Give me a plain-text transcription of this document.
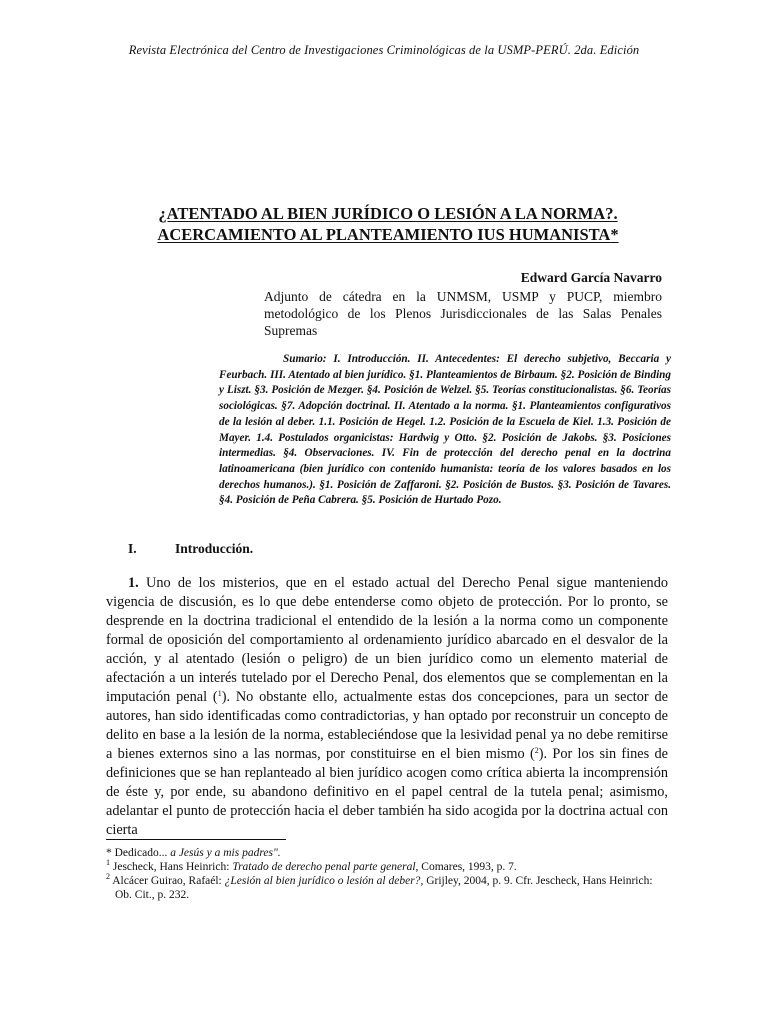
Revista Electrónica del Centro de Investigaciones Criminológicas de la USMP-PERÚ. 2da. Edición
¿ATENTADO AL BIEN JURÍDICO O LESIÓN A LA NORMA?.
ACERCAMIENTO AL PLANTEAMIENTO IUS HUMANISTA*
Edward García Navarro
Adjunto de cátedra en la UNMSM, USMP y PUCP, miembro metodológico de los Plenos Jurisdiccionales de las Salas Penales Supremas
Sumario: I. Introducción. II. Antecedentes: El derecho subjetivo, Beccaria y Feurbach. III. Atentado al bien jurídico. §1. Planteamientos de Birbaum. §2. Posición de Binding y Liszt. §3. Posición de Mezger. §4. Posición de Welzel. §5. Teorías constitucionalistas. §6. Teorías sociológicas. §7. Adopción doctrinal. II. Atentado a la norma. §1. Planteamientos configurativos de la lesión al deber. 1.1. Posición de Hegel. 1.2. Posición de la Escuela de Kiel. 1.3. Posición de Mayer. 1.4. Postulados organicistas: Hardwig y Otto. §2. Posición de Jakobs. §3. Posiciones intermedias. §4. Observaciones. IV. Fin de protección del derecho penal en la doctrina latinoamericana (bien jurídico con contenido humanista: teoría de los valores basados en los derechos humanos.). §1. Posición de Zaffaroni. §2. Posición de Bustos. §3. Posición de Tavares. §4. Posición de Peña Cabrera. §5. Posición de Hurtado Pozo.
I.	Introducción.
1. Uno de los misterios, que en el estado actual del Derecho Penal sigue manteniendo vigencia de discusión, es lo que debe entenderse como objeto de protección. Por lo pronto, se desprende en la doctrina tradicional el entendido de la lesión a la norma como un componente formal de oposición del comportamiento al ordenamiento jurídico abarcado en el desvalor de la acción, y al atentado (lesión o peligro) de un bien jurídico como un elemento material de afectación a un interés tutelado por el Derecho Penal, dos elementos que se complementan en la imputación penal ($^1$). No obstante ello, actualmente estas dos concepciones, para un sector de autores, han sido identificadas como contradictorias, y han optado por reconstruir un concepto de delito en base a la lesión de la norma, estableciéndose que la lesividad penal ya no debe remitirse a bienes externos sino a las normas, por constituirse en el bien mismo ($^2$). Por los sin fines de definiciones que se han replanteado al bien jurídico acogen como crítica abierta la incomprensión de éste y, por ende, su abandono definitivo en el papel central de la tutela penal; asimismo, adelantar el punto de protección hacia el deber también ha sido acogida por la doctrina actual con cierta

* Dedicado... a Jesús y a mis padres".

$^1$ Jescheck, Hans Heinrich: Tratado de derecho penal parte general, Comares, 1993, p. 7.

$^2$ Alcácer Guirao, Rafaél: ¿Lesión al bien jurídico o lesión al deber?, Grijley, 2004, p. 9. Cfr. Jescheck, Hans Heinrich: Ob. Cit., p. 232.
